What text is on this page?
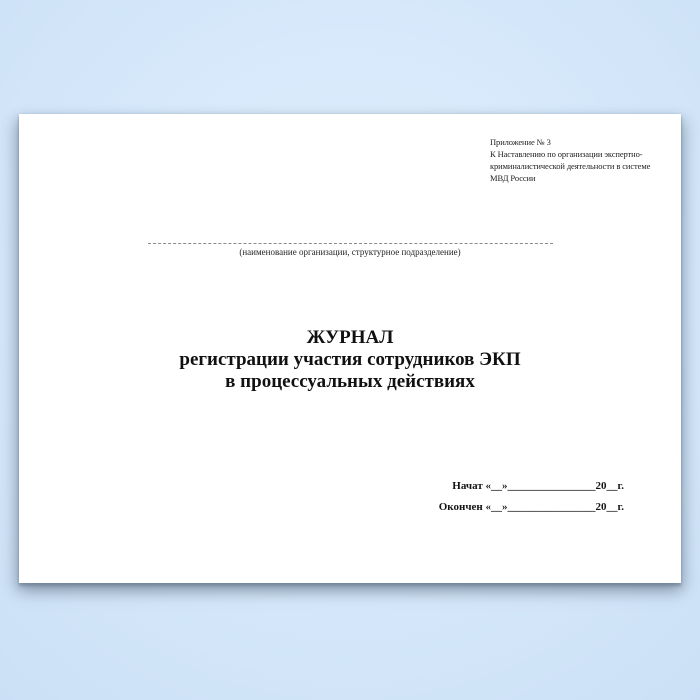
Приложение № 3
К Наставлению по организации экспертно-
криминалистической деятельности в системе
МВД России
(наименование организации, структурное подразделение)
ЖУРНАЛ
регистрации участия сотрудников ЭКП
в процессуальных действиях
Начат «__»________________20__г.
Окончен «__»________________20__г.
